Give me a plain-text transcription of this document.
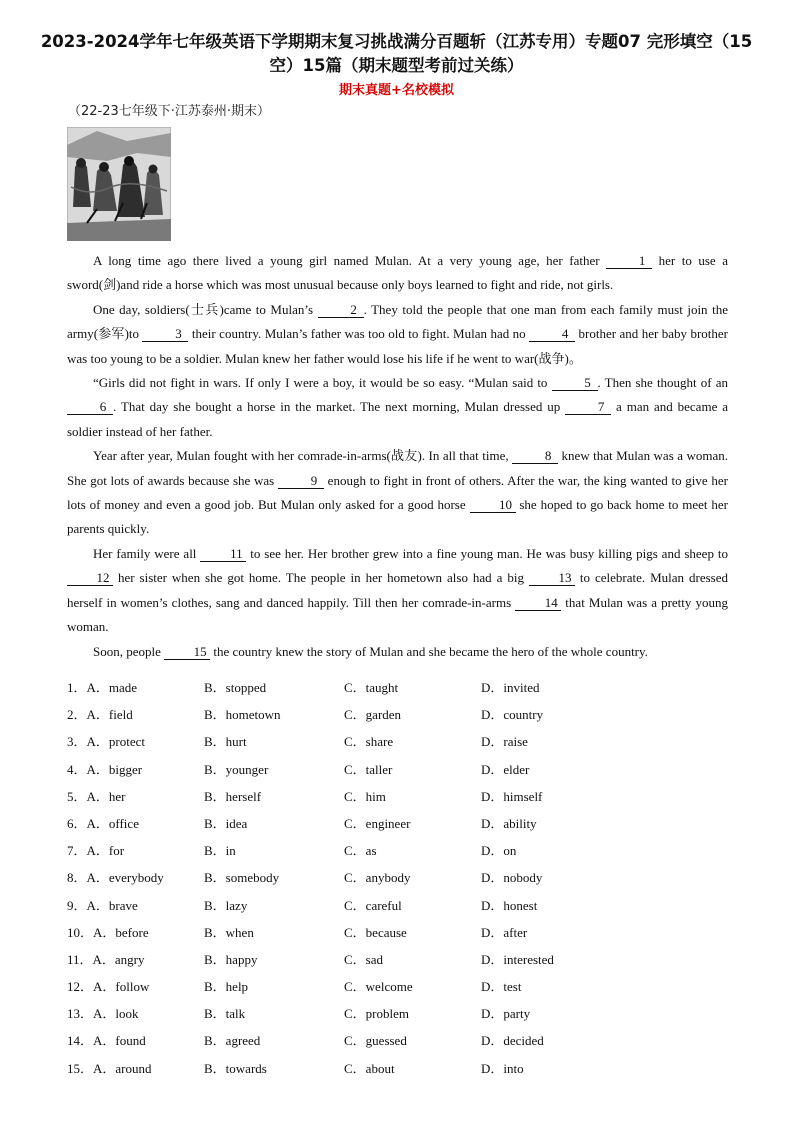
2023-2024学年七年级英语下学期期末复习挑战满分百题斩（江苏专用）专题07 完形填空（15空）15篇（期末题型考前过关练）
期末真题+名校模拟
（22-23七年级下·江苏泰州·期末）

A long time ago there lived a young girl named Mulan. At a very young age, her father	1 her to use a sword(剑)and ride a horse which was most unusual because only boys learned to fight and ride, not girls.

One day, soldiers(士兵)came to Mulan’s	2 . They told the people that one man from each family must join the army(参军)to	3 their country. Mulan’s father was too old to fight. Mulan had no	4 brother and her baby brother was too young to be a soldier. Mulan knew her father would lose his life if he went to war(战争)。

“Girls did not fight in wars. If only I were a boy, it would be so easy. “Mulan said to	5 . Then she thought of an 6 . That day she bought a horse in the market. The next morning, Mulan dressed up	7 a man and became a soldier instead of her father.

Year after year, Mulan fought with her comrade-in-arms(战友). In all that time,	8 knew that Mulan was a woman. She got lots of awards because she was	9 enough to fight in front of others. After the war, the king wanted to give her lots of money and even a good job. But Mulan only asked for a good horse 10 she hoped to go back home to meet her parents quickly.

Her family were all 11 to see her. Her brother grew into a fine young man. He was busy killing pigs and sheep to 12 her sister when she got home. The people in her hometown also had a big 13 to celebrate. Mulan dressed herself in women’s clothes, sang and danced happily. Till then her comrade-in-arms 14 that Mulan was a pretty young woman.

Soon, people 15 the country knew the story of Mulan and she became the hero of the whole country.

1．A．made	B．stopped	C．taught	D．invited
2．A．field	B．hometown	C．garden	D．country
3．A．protect	B．hurt	C．share	D．raise
4．A．bigger	B．younger	C．taller	D．elder
5．A．her	B．herself	C．him	D．himself
6．A．office	B．idea	C．engineer	D．ability
7．A．for	B．in	C．as	D．on
8．A．everybody	B．somebody	C．anybody	D．nobody
9．A．brave	B．lazy	C．careful	D．honest
10．A．before	B．when	C．because	D．after
11．A．angry	B．happy	C．sad	D．interested
12．A．follow	B．help	C．welcome	D．test
13．A．look	B．talk	C．problem	D．party
14．A．found	B．agreed	C．guessed	D．decided
15．A．around	B．towards	C．about	D．into
